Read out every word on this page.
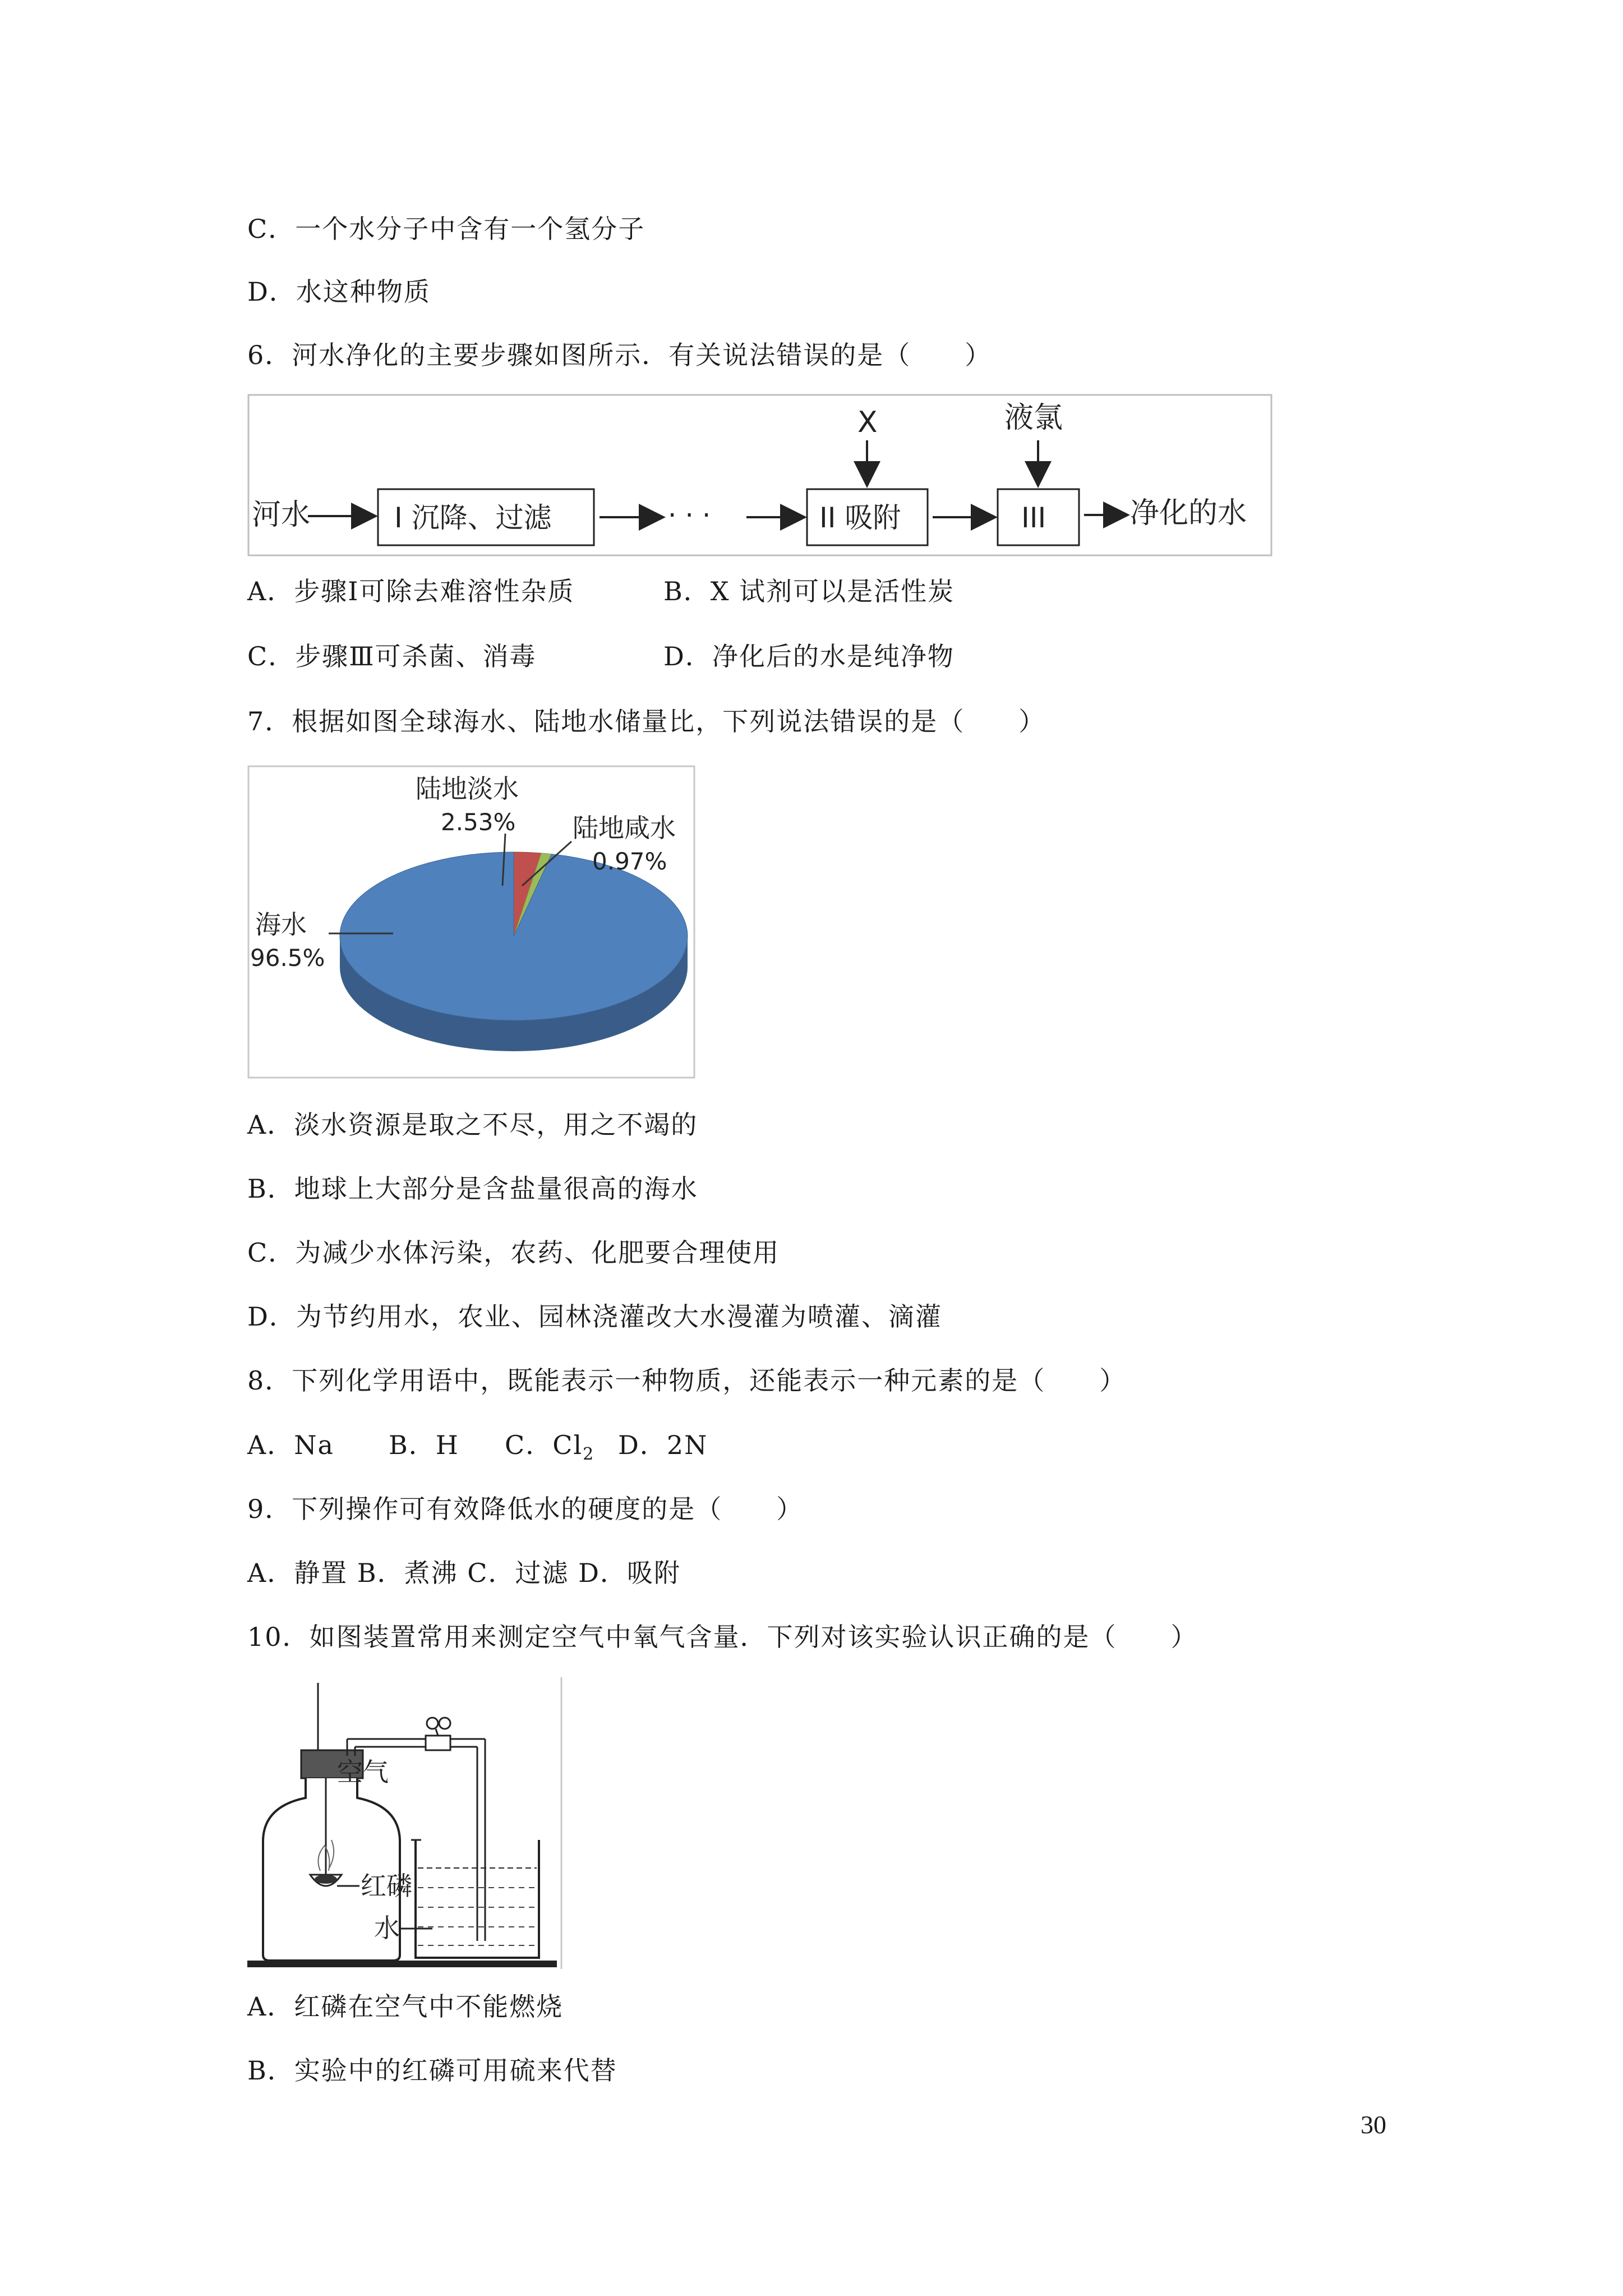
C．一个水分子中含有一个氢分子
D．水这种物质
6．河水净化的主要步骤如图所示．有关说法错误的是（　　）
河水	I 沉降、过滤	· · ·	II 吸附
X
III
液氯
净化的水
A．步骤Ⅰ可除去难溶性杂质	B．X 试剂可以是活性炭
C．步骤Ⅲ可杀菌、消毒	D．净化后的水是纯净物
7．根据如图全球海水、陆地水储量比，下列说法错误的是（　　）
陆地淡水
2.53% 陆地咸水
0.97%
海水
96.5%
A．淡水资源是取之不尽，用之不竭的
B．地球上大部分是含盐量很高的海水
C．为减少水体污染，农药、化肥要合理使用
D．为节约用水，农业、园林浇灌改大水漫灌为喷灌、滴灌
8．下列化学用语中，既能表示一种物质，还能表示一种元素的是（　　）
A．Na B．H C．$Cl_2$ D．2N
9．下列操作可有效降低水的硬度的是（　　）
A．静置 B．煮沸 C．过滤 D．吸附
10．如图装置常用来测定空气中氧气含量．下列对该实验认识正确的是（　　）
空气
红磷
水
A．红磷在空气中不能燃烧
B．实验中的红磷可用硫来代替
30
